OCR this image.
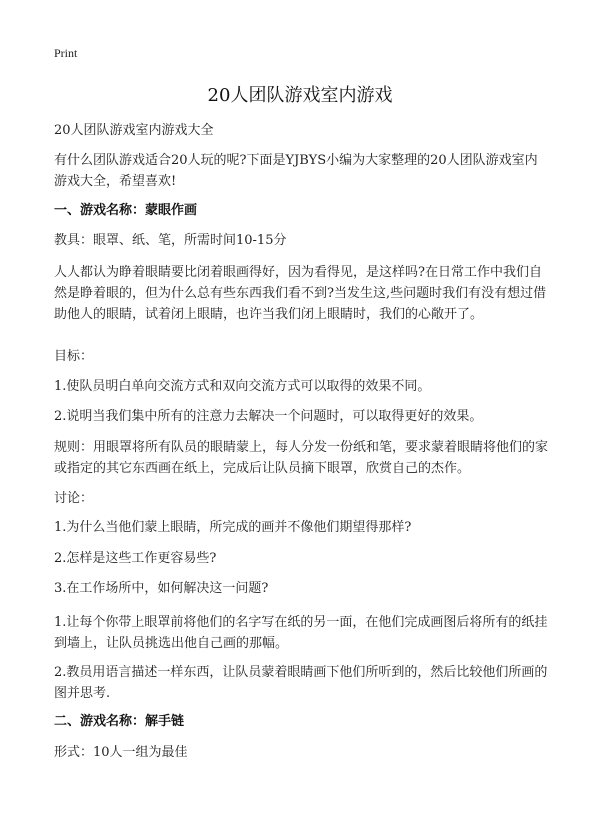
Print
20人团队游戏室内游戏
20人团队游戏室内游戏大全
有什么团队游戏适合20人玩的呢?下面是YJBYS小编为大家整理的20人团队游戏室内游戏大全，希望喜欢!
一、游戏名称：蒙眼作画
教具：眼罩、纸、笔，所需时间10-15分
人人都认为睁着眼睛要比闭着眼画得好，因为看得见，是这样吗?在日常工作中我们自然是睁着眼的，但为什么总有些东西我们看不到?当发生这,些问题时我们有没有想过借助他人的眼睛，试着闭上眼睛，也许当我们闭上眼睛时，我们的心敞开了。
目标：
1.使队员明白单向交流方式和双向交流方式可以取得的效果不同。
2.说明当我们集中所有的注意力去解决一个问题时，可以取得更好的效果。
规则：用眼罩将所有队员的眼睛蒙上，每人分发一份纸和笔，要求蒙着眼睛将他们的家或指定的其它东西画在纸上，完成后让队员摘下眼罩，欣赏自己的杰作。
讨论：
1.为什么当他们蒙上眼睛，所完成的画并不像他们期望得那样?
2.怎样是这些工作更容易些?
3.在工作场所中，如何解决这一问题?
1.让每个你带上眼罩前将他们的名字写在纸的另一面，在他们完成画图后将所有的纸挂到墙上，让队员挑选出他自己画的那幅。
2.教员用语言描述一样东西，让队员蒙着眼睛画下他们所听到的，然后比较他们所画的图并思考.
二、游戏名称：解手链
形式：10人一组为最佳
